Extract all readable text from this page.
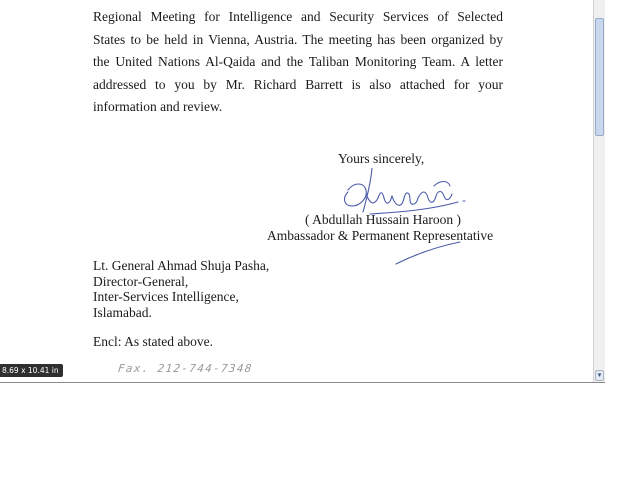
Regional Meeting for Intelligence and Security Services of Selected
States to be held in Vienna, Austria. The meeting has been organized by
the United Nations Al-Qaida and the Taliban Monitoring Team. A letter
addressed to you by Mr. Richard Barrett is also attached for your
information and review.
Yours sincerely,
( Abdullah Hussain Haroon )
Ambassador & Permanent Representative
Lt. General Ahmad Shuja Pasha,
Director-General,
Inter-Services Intelligence,
Islamabad.
Encl: As stated above.
Fax. 212-744-7348
8.69 x 10.41 in	▾
